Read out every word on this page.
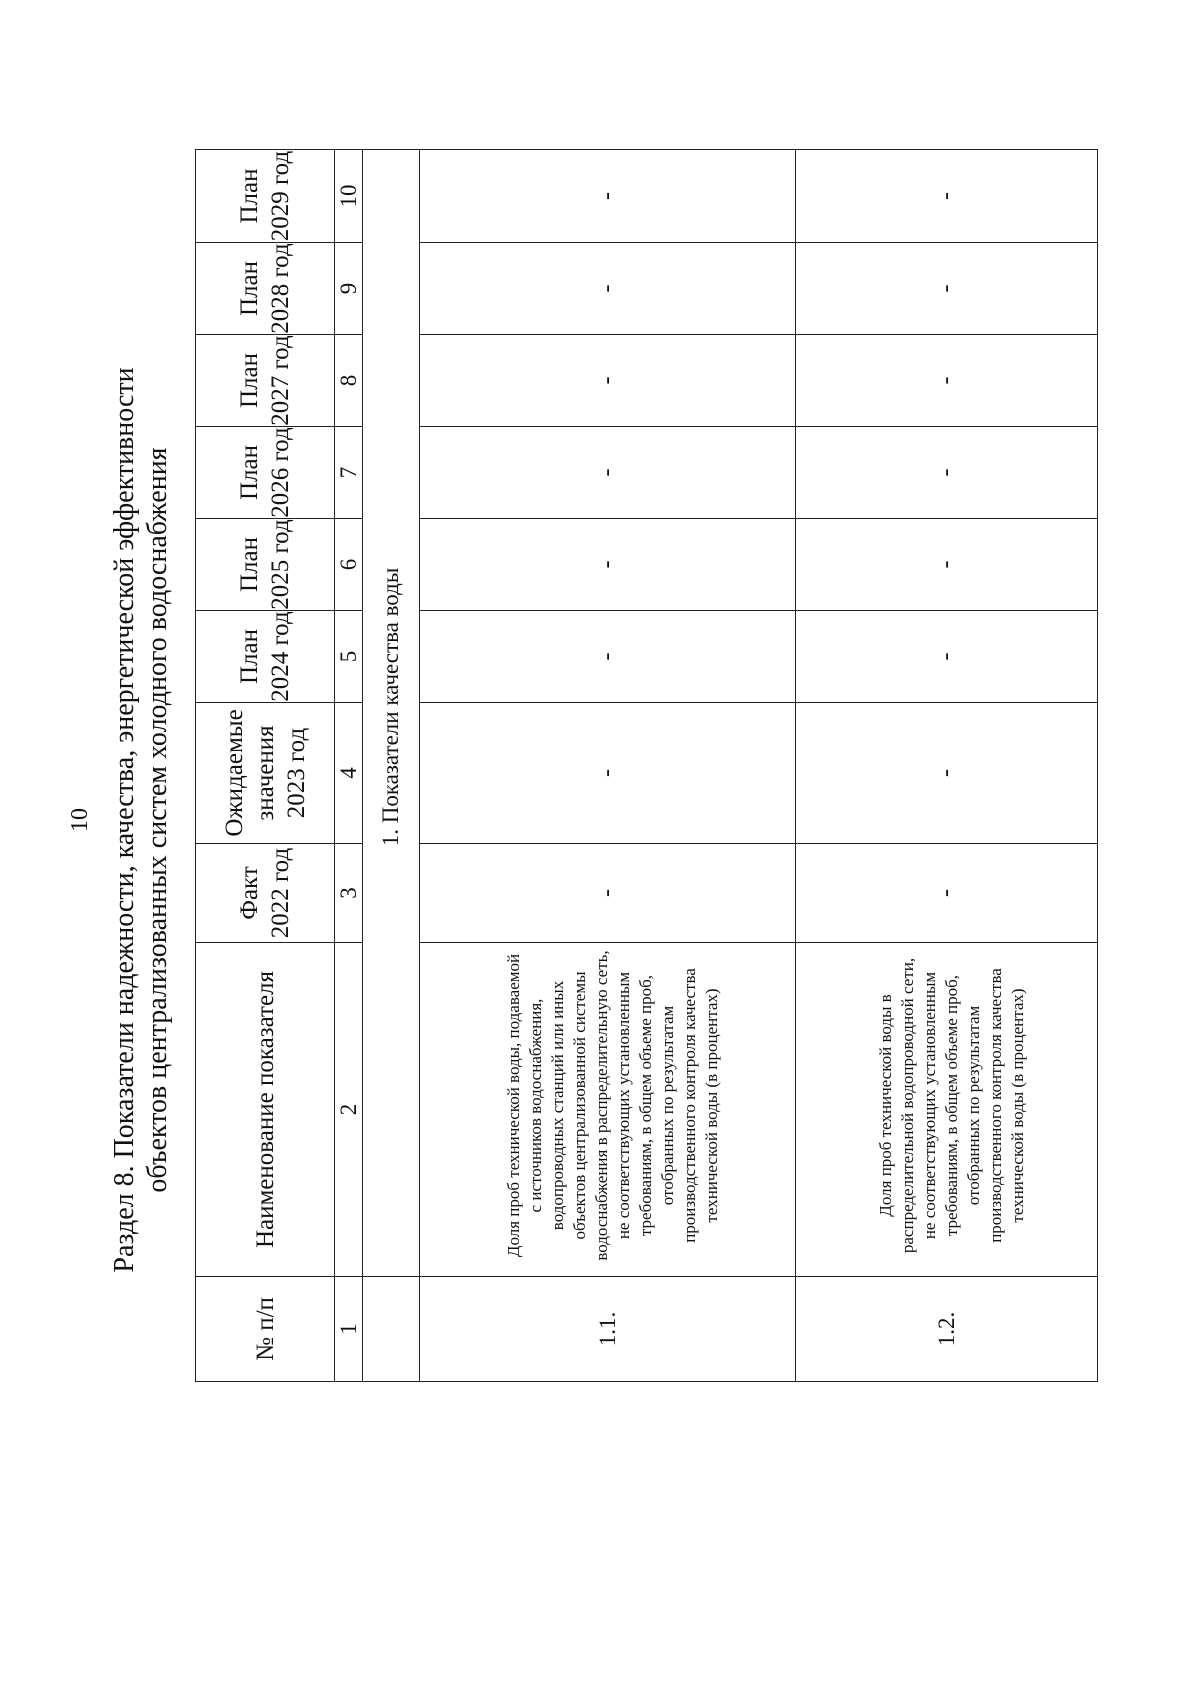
10 Раздел 8. Показатели надежности, качества, энергетической эффективности объектов централизованных систем холодного водоснабжения
№ п/п	Наименование показателя	Факт 2022 год	Ожидаемые значения 2023 год	План 2024 год	План 2025 год	План 2026 год	План 2027 год	План 2028 год	План 2029 год
1	2	3	4	5	6	7	8	9	10
	1. Показатели качества воды								
1.1.	Доля проб технической воды, подаваемой с источников водоснабжения, водопроводных станций или иных объектов централизованной системы водоснабжения в распределительную сеть, не соответствующих установленным требованиям, в общем объеме проб, отобранных по результатам производственного контроля качества технической воды (в процентах)	-	-	-	-	-	-	-	-
1.2.	Доля проб технической воды в распределительной водопроводной сети, не соответствующих установленным требованиям, в общем объеме проб, отобранных по результатам производственного контроля качества технической воды (в процентах)	-	-	-	-	-	-	-	-
